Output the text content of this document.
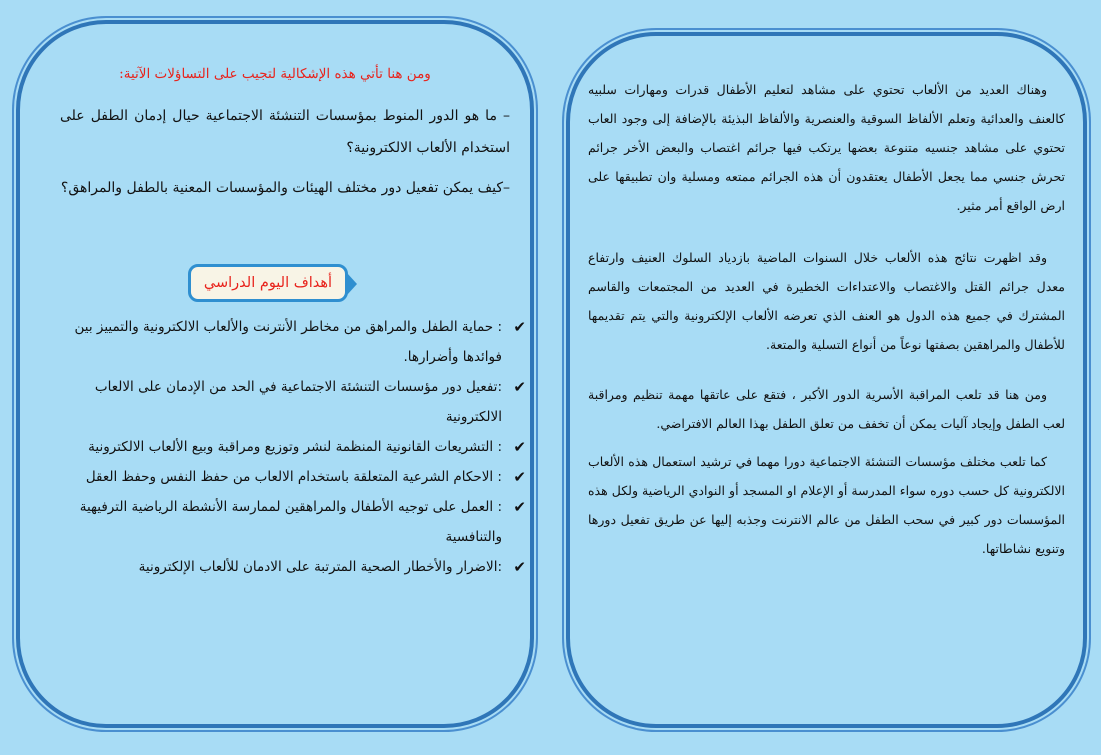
ومن هنا تأتي هذه الإشكالية لتجيب على التساؤلات الآتية:
– ما هو الدور المنوط بمؤسسات التنشئة الاجتماعية حيال إدمان الطفل على استخدام الألعاب الالكترونية؟
–كيف يمكن تفعيل دور مختلف الهيئات والمؤسسات المعنية بالطفل والمراهق؟
أهداف اليوم الدراسي
✔
: حماية الطفل والمراهق من مخاطر الأنترنت والألعاب الالكترونية والتمييز بين فوائدها وأضرارها.
✔
:تفعيل دور مؤسسات التنشئة الاجتماعية في الحد من الإدمان على الالعاب الالكترونية
✔
: التشريعات القانونية المنظمة لنشر وتوزيع ومراقبة وبيع الألعاب الالكترونية
✔
: الاحكام الشرعية المتعلقة باستخدام الالعاب من حفظ النفس وحفظ العقل
✔
: العمل على توجيه الأطفال والمراهقين لممارسة الأنشطة الرياضية الترفيهية والتنافسية
✔
:الاضرار والأخطار الصحية المترتبة على الادمان للألعاب الإلكترونية

وهناك العديد من الألعاب تحتوي على مشاهد لتعليم الأطفال قدرات ومهارات سلبيه كالعنف والعدائية وتعلم الألفاظ السوقية والعنصرية والألفاظ البذيئة بالإضافة إلى وجود العاب تحتوي على مشاهد جنسيه متنوعة بعضها يرتكب فيها جرائم اغتصاب والبعض الأخر جرائم تحرش جنسي مما يجعل الأطفال يعتقدون أن هذه الجرائم ممتعه ومسلية وان تطبيقها على ارض الواقع أمر مثير.

وقد اظهرت نتائج هذه الألعاب خلال السنوات الماضية بازدياد السلوك العنيف وارتفاع معدل جرائم القتل والاغتصاب والاعتداءات الخطيرة في العديد من المجتمعات والقاسم المشترك في جميع هذه الدول هو العنف الذي تعرضه الألعاب الإلكترونية والتي يتم تقديمها للأطفال والمراهقين بصفتها نوعاً من أنواع التسلية والمتعة.

ومن هنا قد تلعب المراقبة الأسرية الدور الأكبر ، فتقع على عاتقها مهمة تنظيم ومراقبة لعب الطفل وإيجاد آليات يمكن أن تخفف من تعلق الطفل بهذا العالم الافتراضي.

كما تلعب مختلف مؤسسات التنشئة الاجتماعية دورا مهما في ترشيد استعمال هذه الألعاب الالكترونية كل حسب دوره سواء المدرسة أو الإعلام او المسجد أو النوادي الرياضية ولكل هذه المؤسسات دور كبير في سحب الطفل من عالم الانترنت وجذبه إليها عن طريق تفعيل دورها وتنويع نشاطاتها.
